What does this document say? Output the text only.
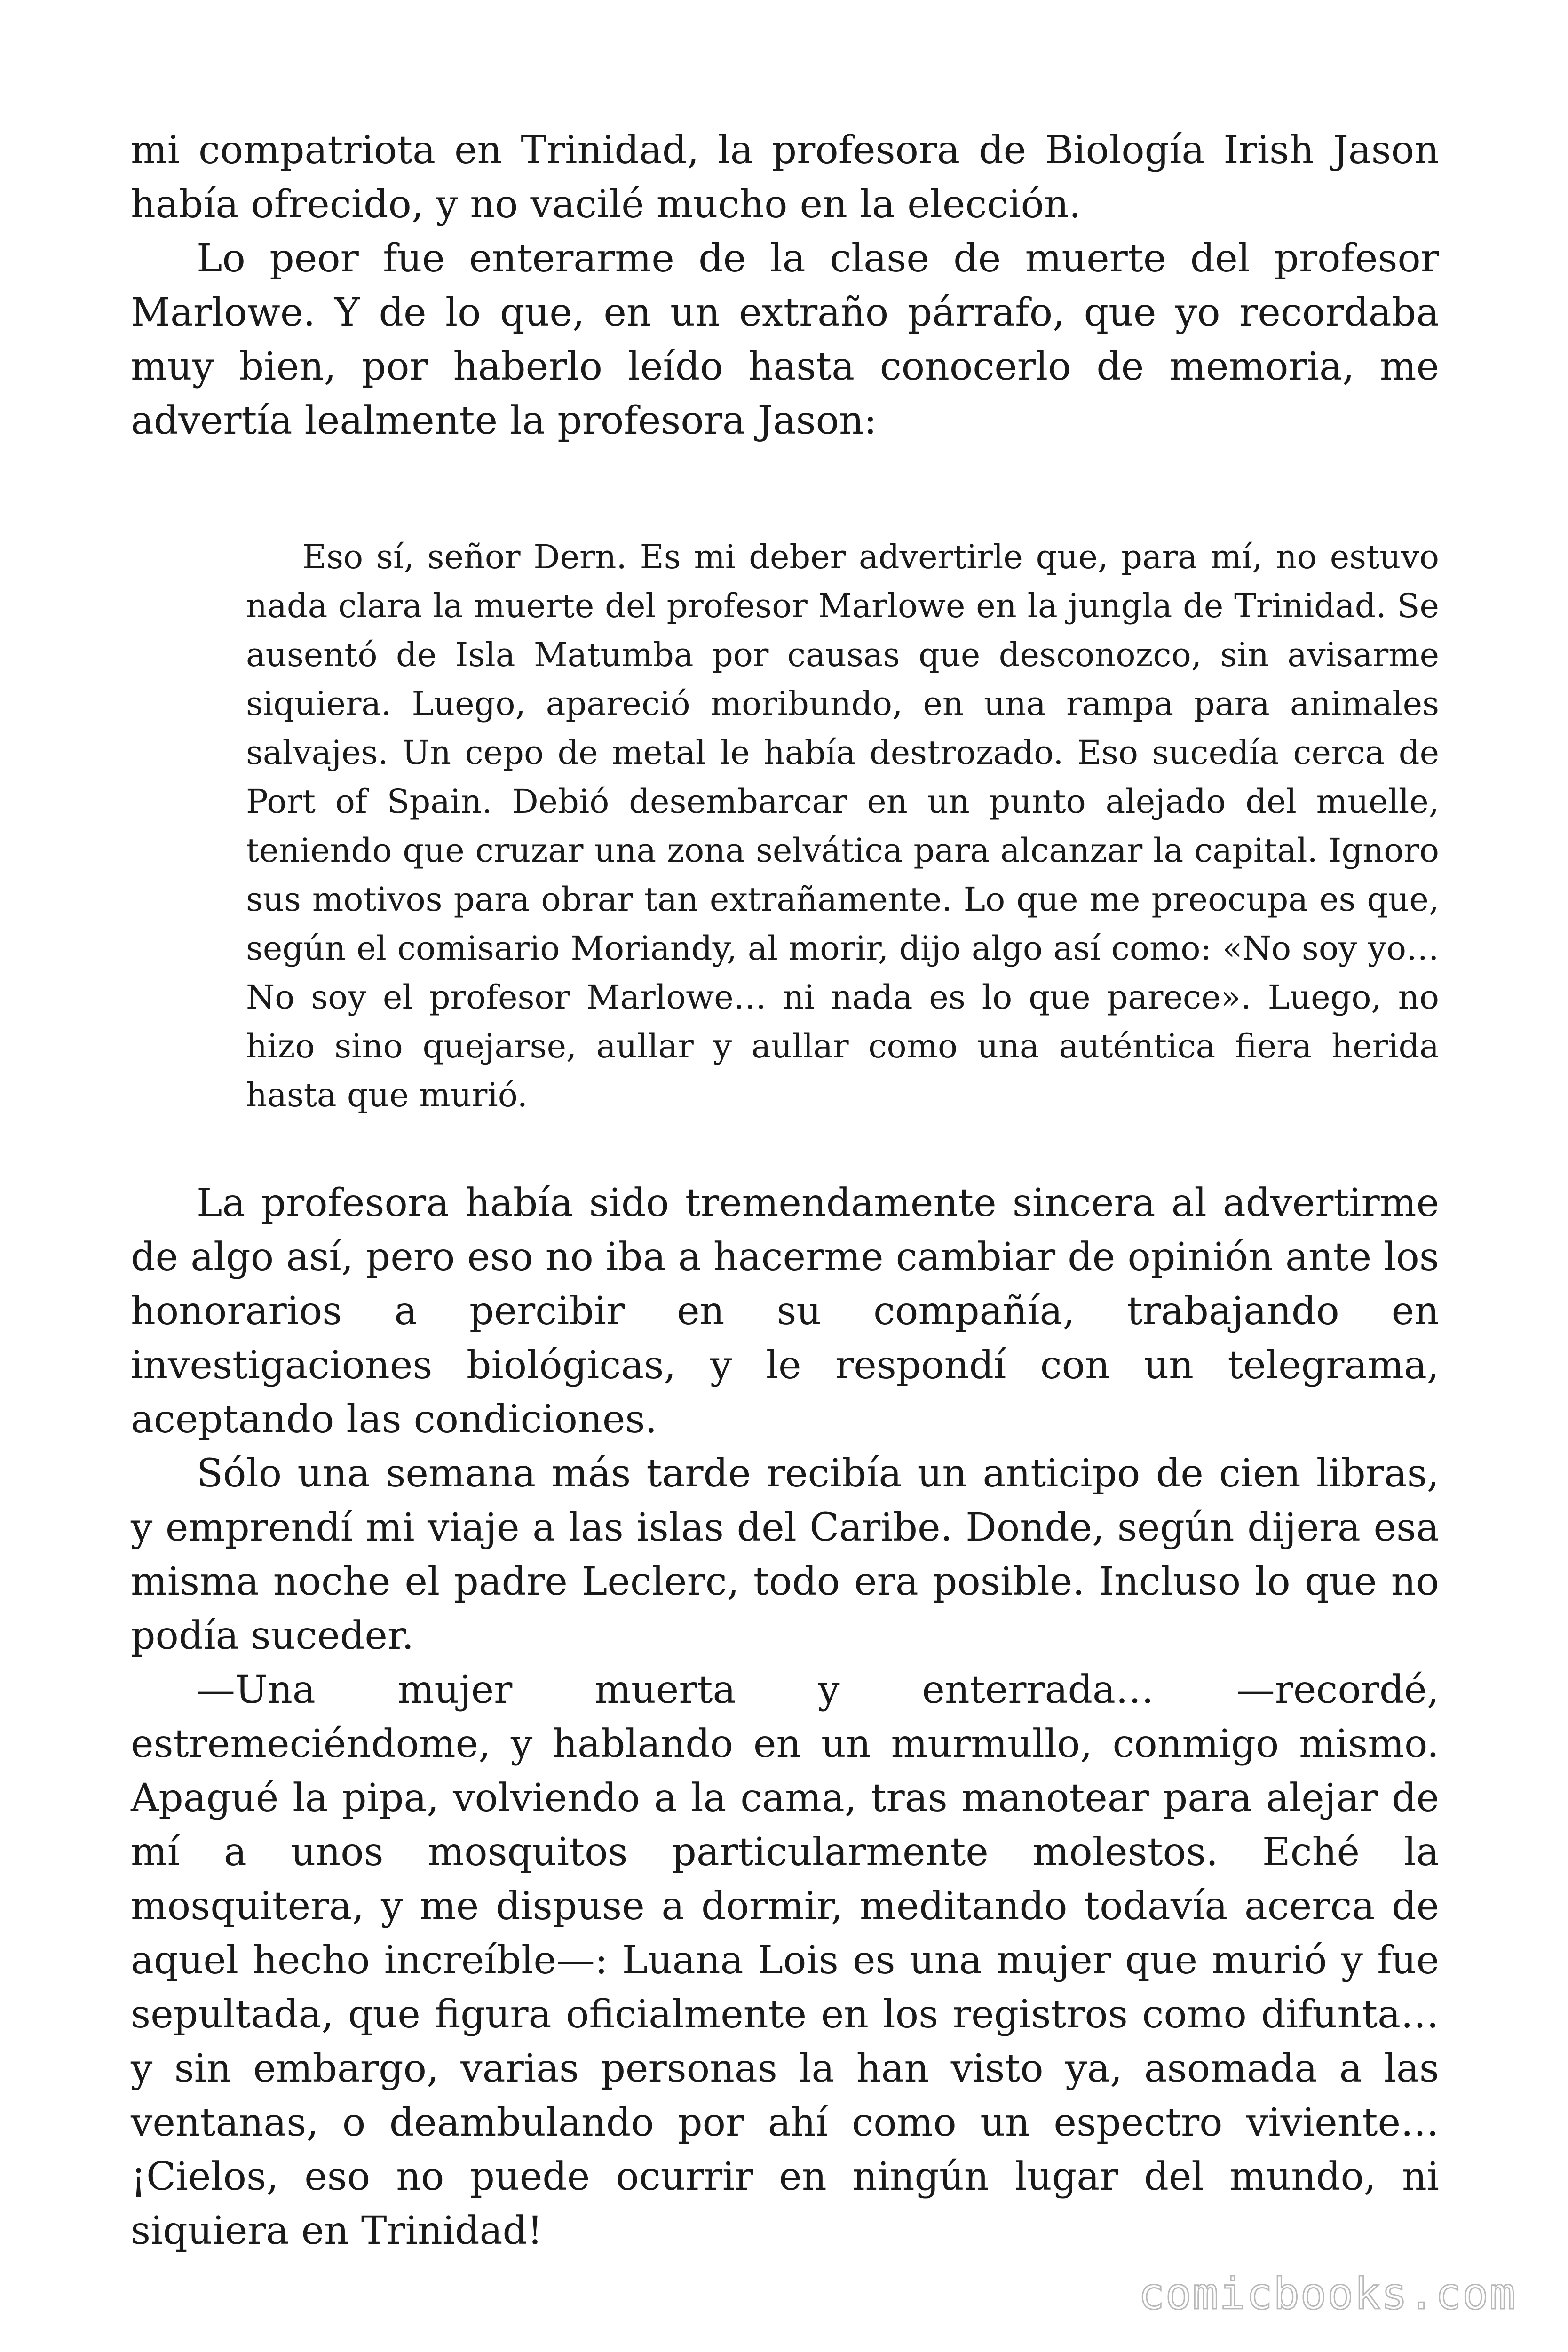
mi compatriota en Trinidad, la profesora de Biología Irish Jason había ofrecido, y no vacilé mucho en la elección.

Lo peor fue enterarme de la clase de muerte del profesor Marlowe. Y de lo que, en un extraño párrafo, que yo recordaba muy bien, por haberlo leído hasta conocerlo de memoria, me advertía lealmente la profesora Jason:

Eso sí, señor Dern. Es mi deber advertirle que, para mí, no estuvo nada clara la muerte del profesor Marlowe en la jungla de Trinidad. Se ausentó de Isla Matumba por causas que desconozco, sin avisarme siquiera. Luego, apareció moribundo, en una rampa para animales salvajes. Un cepo de metal le había destrozado. Eso sucedía cerca de Port of Spain. Debió desembarcar en un punto alejado del muelle, teniendo que cruzar una zona selvática para alcanzar la capital. Ignoro sus motivos para obrar tan extrañamente. Lo que me preocupa es que, según el comisario Moriandy, al morir, dijo algo así como: «No soy yo… No soy el profesor Marlowe… ni nada es lo que parece». Luego, no hizo sino quejarse, aullar y aullar como una auténtica fiera herida hasta que murió.

La profesora había sido tremendamente sincera al advertirme de algo así, pero eso no iba a hacerme cambiar de opinión ante los honorarios a percibir en su compañía, trabajando en investigaciones biológicas, y le respondí con un telegrama, aceptando las condiciones.

Sólo una semana más tarde recibía un anticipo de cien libras, y emprendí mi viaje a las islas del Caribe. Donde, según dijera esa misma noche el padre Leclerc, todo era posible. Incluso lo que no podía suceder.

—Una mujer muerta y enterrada… —recordé, estremeciéndome, y hablando en un murmullo, conmigo mismo. Apagué la pipa, volviendo a la cama, tras manotear para alejar de mí a unos mosquitos particularmente molestos. Eché la mosquitera, y me dispuse a dormir, meditando todavía acerca de aquel hecho increíble—: Luana Lois es una mujer que murió y fue sepultada, que figura oficialmente en los registros como difunta… y sin embargo, varias personas la han visto ya, asomada a las ventanas, o deambulando por ahí como un espectro viviente… ¡Cielos, eso no puede ocurrir en ningún lugar del mundo, ni siquiera en Trinidad!

comicbooks.com
